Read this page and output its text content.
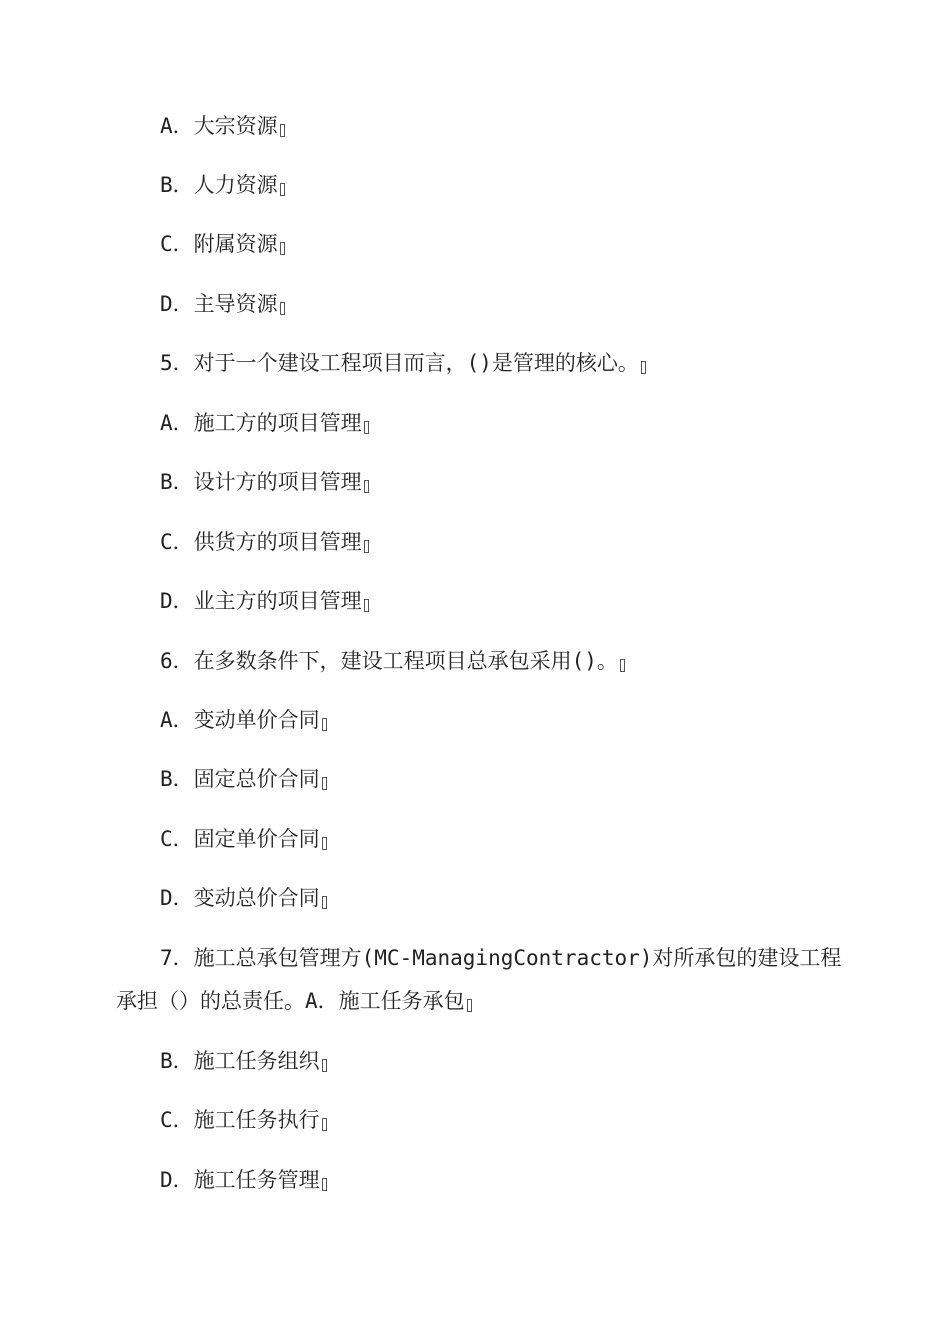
A．大宗资源
B．人力资源
C．附属资源
D．主导资源
5．对于一个建设工程项目而言，()是管理的核心。
A．施工方的项目管理
B．设计方的项目管理
C．供货方的项目管理
D．业主方的项目管理
6．在多数条件下，建设工程项目总承包采用()。
A．变动单价合同
B．固定总价合同
C．固定单价合同
D．变动总价合同
7．施工总承包管理方(MC-ManagingContractor)对所承包的建设工程
承担（）的总责任。A．施工任务承包
B．施工任务组织
C．施工任务执行
D．施工任务管理
